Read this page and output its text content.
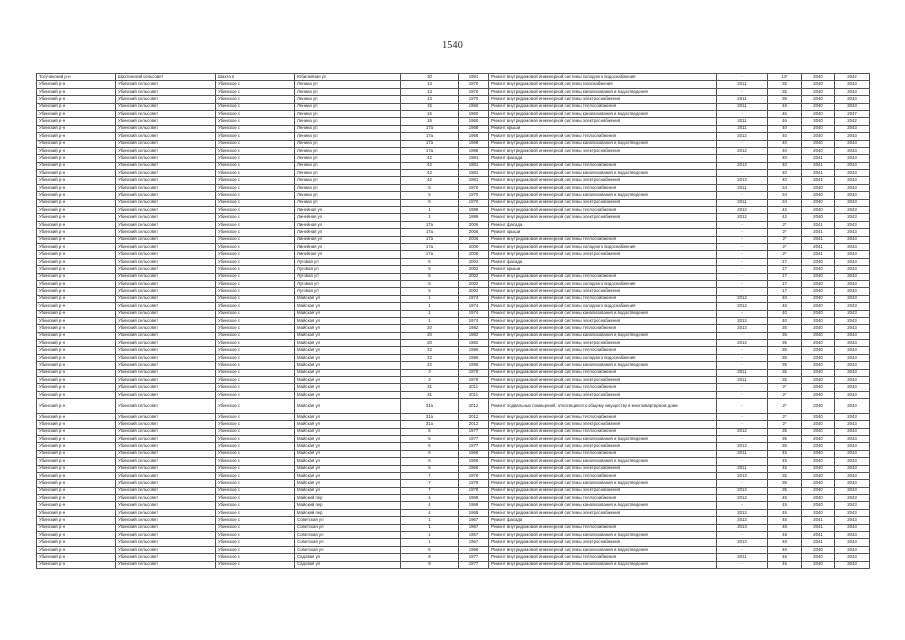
1540
Тогучинский р-н	Шахтинский сельсовет	Шахта п	Юбилейная ул	30	1991	Ремонт внутридомовой инженерной системы холодного водоснабжения	-	14*	2040	2042
Убинский р-н	Убинский сельсовет	Убинское с	Ленина ул	13	1970	Ремонт внутридомовой инженерной системы газоснабжения	2011	35	2040	2043
Убинский р-н	Убинский сельсовет	Убинское с	Ленина ул	13	1970	Ремонт внутридомовой инженерной системы канализования и водоотведения	-	35	2040	2043
Убинский р-н	Убинский сельсовет	Убинское с	Ленина ул	13	1970	Ремонт внутридомовой инженерной системы электроснабжения	2011	35	2040	2043
Убинский р-н	Убинский сельсовет	Убинское с	Ленина ул	15	1960	Ремонт внутридомовой инженерной системы теплоснабжения	2011	46	2040	2043
Убинский р-н	Убинский сельсовет	Убинское с	Ленина ул	15	1960	Ремонт внутридомовой инженерной системы канализования и водоотведения	-	46	2040	2047
Убинский р-н	Убинский сельсовет	Убинское с	Ленина ул	15	1960	Ремонт внутридомовой инженерной системы электроснабжения	2011	46	2040	2042
Убинский р-н	Убинский сельсовет	Убинское с	Ленина ул	17а	1968	Ремонт крыши	2011	40	2040	2043
Убинский р-н	Убинский сельсовет	Убинское с	Ленина ул	17а	1968	Ремонт внутридомовой инженерной системы теплоснабжения	2012	40	2040	2043
Убинский р-н	Убинский сельсовет	Убинское с	Ленина ул	17а	1968	Ремонт внутридомовой инженерной системы канализования и водоотведения	-	40	2040	2043
Убинский р-н	Убинский сельсовет	Убинское с	Ленина ул	17а	1968	Ремонт внутридомовой инженерной системы электроснабжения	2012	40	2040	2043
Убинский р-н	Убинский сельсовет	Убинское с	Ленина ул	42	1981	Ремонт фасада	-	40	2041	2043
Убинский р-н	Убинский сельсовет	Убинское с	Ленина ул	42	1981	Ремонт внутридомовой инженерной системы теплоснабжения	2013	40	2041	2043
Убинский р-н	Убинский сельсовет	Убинское с	Ленина ул	42	1981	Ремонт внутридомовой инженерной системы канализования и водоотведения	-	40	2041	2043
Убинский р-н	Убинский сельсовет	Убинское с	Ленина ул	42	1981	Ремонт внутридомовой инженерной системы электроснабжения	2013	40	2041	2043
Убинский р-н	Убинский сельсовет	Убинское с	Ленина ул	5	1970	Ремонт внутридомовой инженерной системы теплоснабжения	2011	34	2040	2043
Убинский р-н	Убинский сельсовет	Убинское с	Ленина ул	5	1970	Ремонт внутридомовой инженерной системы канализования и водоотведения	-	34	2040	2043
Убинский р-н	Убинский сельсовет	Убинское с	Ленина ул	5	1970	Ремонт внутридомовой инженерной системы электроснабжения	2011	34	2040	2043
Убинский р-н	Убинский сельсовет	Убинское с	Линейная ул	1	1989	Ремонт внутридомовой инженерной системы теплоснабжения	2012	42	2040	2043
Убинский р-н	Убинский сельсовет	Убинское с	Линейная ул	1	1989	Ремонт внутридомовой инженерной системы электроснабжения	2012	42	2040	2043
Убинский р-н	Убинский сельсовет	Убинское с	Линейная ул	17а	2006	Ремонт фасада	-	2*	2041	2043
Убинский р-н	Убинский сельсовет	Убинское с	Линейная ул	17а	2006	Ремонт крыши	-	2*	2041	2043
Убинский р-н	Убинский сельсовет	Убинское с	Линейная ул	17а	2006	Ремонт внутридомовой инженерной системы теплоснабжения	-	2*	2041	2043
Убинский р-н	Убинский сельсовет	Убинское с	Линейная ул	17а	2006	Ремонт внутридомовой инженерной системы холодного водоснабжения	-	2*	2041	2043
Убинский р-н	Убинский сельсовет	Убинское с	Линейная ул	17а	2006	Ремонт внутридомовой инженерной системы электроснабжения	-	2*	2041	2043
Убинский р-н	Убинский сельсовет	Убинское с	Луговая ул	5	2002	Ремонт фасада	-	17	2040	2043
Убинский р-н	Убинский сельсовет	Убинское с	Луговая ул	5	2002	Ремонт крыши	-	17	2040	2043
Убинский р-н	Убинский сельсовет	Убинское с	Луговая ул	5	2002	Ремонт внутридомовой инженерной системы теплоснабжения	-	17	2040	2043
Убинский р-н	Убинский сельсовет	Убинское с	Луговая ул	5	2002	Ремонт внутридомовой инженерной системы холодного водоснабжения	-	17	2040	2043
Убинский р-н	Убинский сельсовет	Убинское с	Луговая ул	5	2002	Ремонт внутридомовой инженерной системы электроснабжения	-	17	2040	2043
Убинский р-н	Убинский сельсовет	Убинское с	Майская ул	1	1974	Ремонт внутридомовой инженерной системы теплоснабжения	2012	40	2040	2043
Убинский р-н	Убинский сельсовет	Убинское с	Майская ул	1	1974	Ремонт внутридомовой инженерной системы холодного водоснабжения	2012	40	2040	2043
Убинский р-н	Убинский сельсовет	Убинское с	Майская ул	1	1974	Ремонт внутридомовой инженерной системы канализования и водоотведения	-	40	2040	2043
Убинский р-н	Убинский сельсовет	Убинское с	Майская ул	1	1974	Ремонт внутридомовой инженерной системы электроснабжения	2012	40	2040	2043
Убинский р-н	Убинский сельсовет	Убинское с	Майская ул	20	1982	Ремонт внутридомовой инженерной системы теплоснабжения	2013	35	2040	2043
Убинский р-н	Убинский сельсовет	Убинское с	Майская ул	20	1982	Ремонт внутридомовой инженерной системы канализования и водоотведения	-	35	2040	2043
Убинский р-н	Убинский сельсовет	Убинское с	Майская ул	20	1982	Ремонт внутридомовой инженерной системы электроснабжения	2013	35	2040	2043
Убинский р-н	Убинский сельсовет	Убинское с	Майская ул	22	1985	Ремонт внутридомовой инженерной системы теплоснабжения	-	35	2040	2043
Убинский р-н	Убинский сельсовет	Убинское с	Майская ул	22	1985	Ремонт внутридомовой инженерной системы холодного водоснабжения	-	35	2040	2043
Убинский р-н	Убинский сельсовет	Убинское с	Майская ул	22	1985	Ремонт внутридомовой инженерной системы канализования и водоотведения	-	35	2040	2043
Убинский р-н	Убинский сельсовет	Убинское с	Майская ул	3	1979	Ремонт внутридомовой инженерной системы теплоснабжения	2011	35	2040	2043
Убинский р-н	Убинский сельсовет	Убинское с	Майская ул	3	1979	Ремонт внутридомовой инженерной системы электроснабжения	2011	35	2040	2043
Убинский р-н	Убинский сельсовет	Убинское с	Майская ул	31	2011	Ремонт внутридомовой инженерной системы теплоснабжения	-	2*	2040	2043
Убинский р-н	Убинский сельсовет	Убинское с	Майская ул	31	2011	Ремонт внутридомовой инженерной системы электроснабжения	-	2*	2040	2043
Убинский р-н	Убинский сельсовет	Убинское с	Майская ул	31а	2012	Ремонт подвальных помещений, относящихся к общему имуществу в многоквартирном доме	-	2*	2040	2043
Убинский р-н	Убинский сельсовет	Убинское с	Майская ул	31а	2012	Ремонт внутридомовой инженерной системы теплоснабжения	-	2*	2040	2043
Убинский р-н	Убинский сельсовет	Убинское с	Майская ул	31а	2012	Ремонт внутридомовой инженерной системы электроснабжения	-	2*	2040	2043
Убинский р-н	Убинский сельсовет	Убинское с	Майская ул	5	1977	Ремонт внутридомовой инженерной системы теплоснабжения	2012	35	2040	2043
Убинский р-н	Убинский сельсовет	Убинское с	Майская ул	5	1977	Ремонт внутридомовой инженерной системы канализования и водоотведения	-	35	2040	2043
Убинский р-н	Убинский сельсовет	Убинское с	Майская ул	5	1977	Ремонт внутридомовой инженерной системы электроснабжения	2012	35	2040	2043
Убинский р-н	Убинский сельсовет	Убинское с	Майская ул	6	1966	Ремонт внутридомовой инженерной системы теплоснабжения	2011	45	2040	2043
Убинский р-н	Убинский сельсовет	Убинское с	Майская ул	6	1966	Ремонт внутридомовой инженерной системы канализования и водоотведения	-	45	2040	2043
Убинский р-н	Убинский сельсовет	Убинское с	Майская ул	6	1966	Ремонт внутридомовой инженерной системы электроснабжения	2011	45	2040	2043
Убинский р-н	Убинский сельсовет	Убинское с	Майская ул	7	1978	Ремонт внутридомовой инженерной системы теплоснабжения	2013	35	2040	2043
Убинский р-н	Убинский сельсовет	Убинское с	Майская ул	7	1978	Ремонт внутридомовой инженерной системы канализования и водоотведения	-	35	2040	2043
Убинский р-н	Убинский сельсовет	Убинское с	Майская ул	7	1978	Ремонт внутридомовой инженерной системы электроснабжения	2013	35	2040	2043
Убинский р-н	Убинский сельсовет	Убинское с	Майский пер	4	1969	Ремонт внутридомовой инженерной системы теплоснабжения	2012	45	2040	2043
Убинский р-н	Убинский сельсовет	Убинское с	Майский пер	4	1969	Ремонт внутридомовой инженерной системы канализования и водоотведения	-	45	2040	2043
Убинский р-н	Убинский сельсовет	Убинское с	Майский пер	4	1969	Ремонт внутридомовой инженерной системы электроснабжения	2012	45	2040	2043
Убинский р-н	Убинский сельсовет	Убинское с	Советская ул	1	1967	Ремонт фасада	2013	48	2041	2043
Убинский р-н	Убинский сельсовет	Убинское с	Советская ул	1	1967	Ремонт внутридомовой инженерной системы теплоснабжения	2013	48	2041	2043
Убинский р-н	Убинский сельсовет	Убинское с	Советская ул	1	1967	Ремонт внутридомовой инженерной системы канализования и водоотведения	-	48	2041	2043
Убинский р-н	Убинский сельсовет	Убинское с	Советская ул	1	1967	Ремонт внутридомовой инженерной системы электроснабжения	2013	48	2041	2043
Убинский р-н	Убинский сельсовет	Убинское с	Советская ул	5	1969	Ремонт внутридомовой инженерной системы канализования и водоотведения	-	46	2040	2043
Убинский р-н	Убинский сельсовет	Убинское с	Садовая ул	9	1977	Ремонт внутридомовой инженерной системы теплоснабжения	2011	46	2040	2043
Убинский р-н	Убинский сельсовет	Убинское с	Садовая ул	9	1977	Ремонт внутридомовой инженерной системы канализования и водоотведения	-	46	2040	2043
